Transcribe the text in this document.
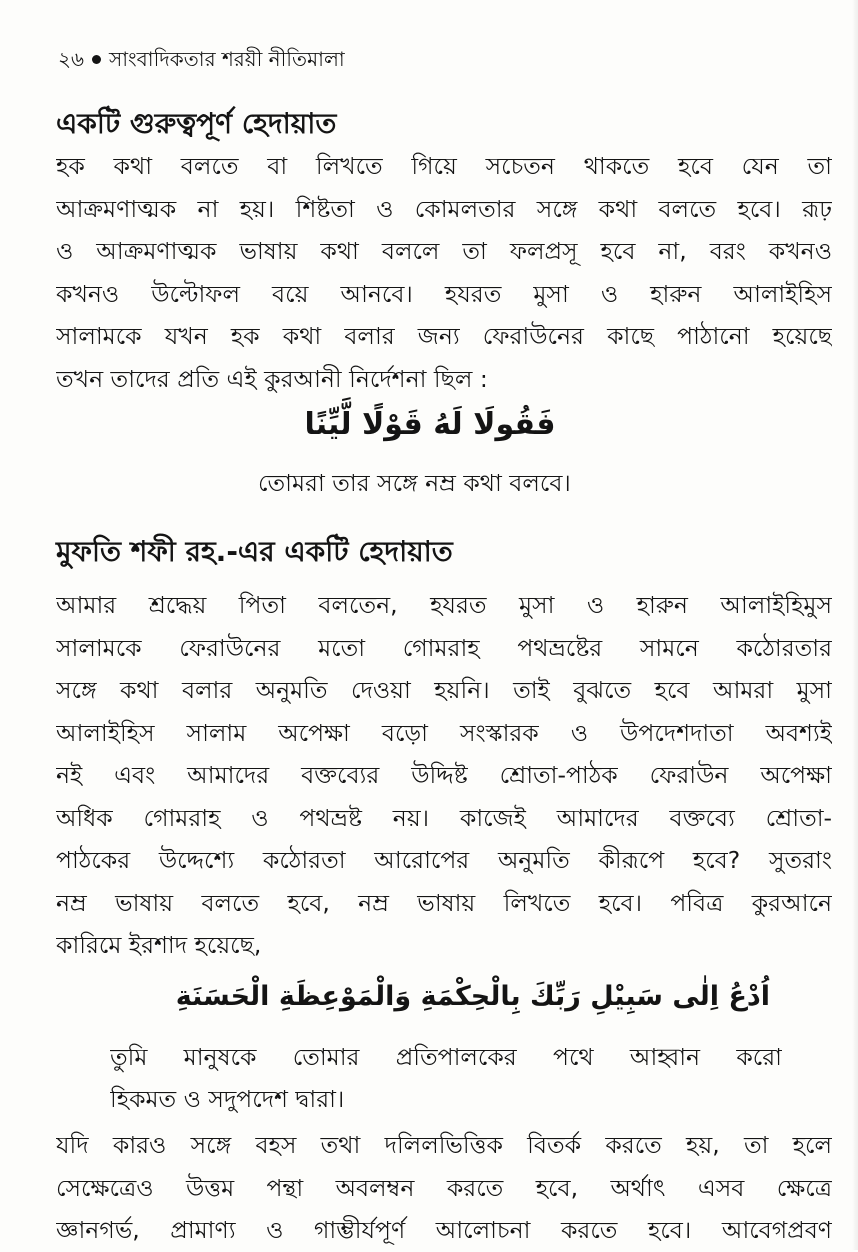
২৬ সাংবাদিকতার শরয়ী নীতিমালা
একটি গুরুত্বপূর্ণ হেদায়াত
হক কথা বলতে বা লিখতে গিয়ে সচেতন থাকতে হবে যেন তা
আক্রমণাত্মক না হয়। শিষ্টতা ও কোমলতার সঙ্গে কথা বলতে হবে। রূঢ়
ও আক্রমণাত্মক ভাষায় কথা বললে তা ফলপ্রসূ হবে না, বরং কখনও
কখনও উল্টোফল বয়ে আনবে। হযরত মুসা ও হারুন আলাইহিস
সালামকে যখন হক কথা বলার জন্য ফেরাউনের কাছে পাঠানো হয়েছে
তখন তাদের প্রতি এই কুরআনী নির্দেশনা ছিল :
فَقُولَا لَهُ قَوْلًا لَّيِّنًا
তোমরা তার সঙ্গে নম্র কথা বলবে।
মুফতি শফী রহ.-এর একটি হেদায়াত
আমার শ্রদ্ধেয় পিতা বলতেন, হযরত মুসা ও হারুন আলাইহিমুস
সালামকে ফেরাউনের মতো গোমরাহ পথভ্রষ্টের সামনে কঠোরতার
সঙ্গে কথা বলার অনুমতি দেওয়া হয়নি। তাই বুঝতে হবে আমরা মুসা
আলাইহিস সালাম অপেক্ষা বড়ো সংস্কারক ও উপদেশদাতা অবশ্যই
নই এবং আমাদের বক্তব্যের উদ্দিষ্ট শ্রোতা-পাঠক ফেরাউন অপেক্ষা
অধিক গোমরাহ ও পথভ্রষ্ট নয়। কাজেই আমাদের বক্তব্যে শ্রোতা-
পাঠকের উদ্দেশ্যে কঠোরতা আরোপের অনুমতি কীরূপে হবে? সুতরাং
নম্র ভাষায় বলতে হবে, নম্র ভাষায় লিখতে হবে। পবিত্র কুরআনে
কারিমে ইরশাদ হয়েছে,
اُدْعُ اِلٰى سَبِيْلِ رَبِّكَ بِالْحِكْمَةِ وَالْمَوْعِظَةِ الْحَسَنَةِ
তুমি মানুষকে তোমার প্রতিপালকের পথে আহ্বান করো
হিকমত ও সদুপদেশ দ্বারা।
যদি কারও সঙ্গে বহস তথা দলিলভিত্তিক বিতর্ক করতে হয়, তা হলে
সেক্ষেত্রেও উত্তম পন্থা অবলম্বন করতে হবে, অর্থাৎ এসব ক্ষেত্রে
জ্ঞানগর্ভ, প্রামাণ্য ও গাম্ভীর্যপূর্ণ আলোচনা করতে হবে। আবেগপ্রবণ
